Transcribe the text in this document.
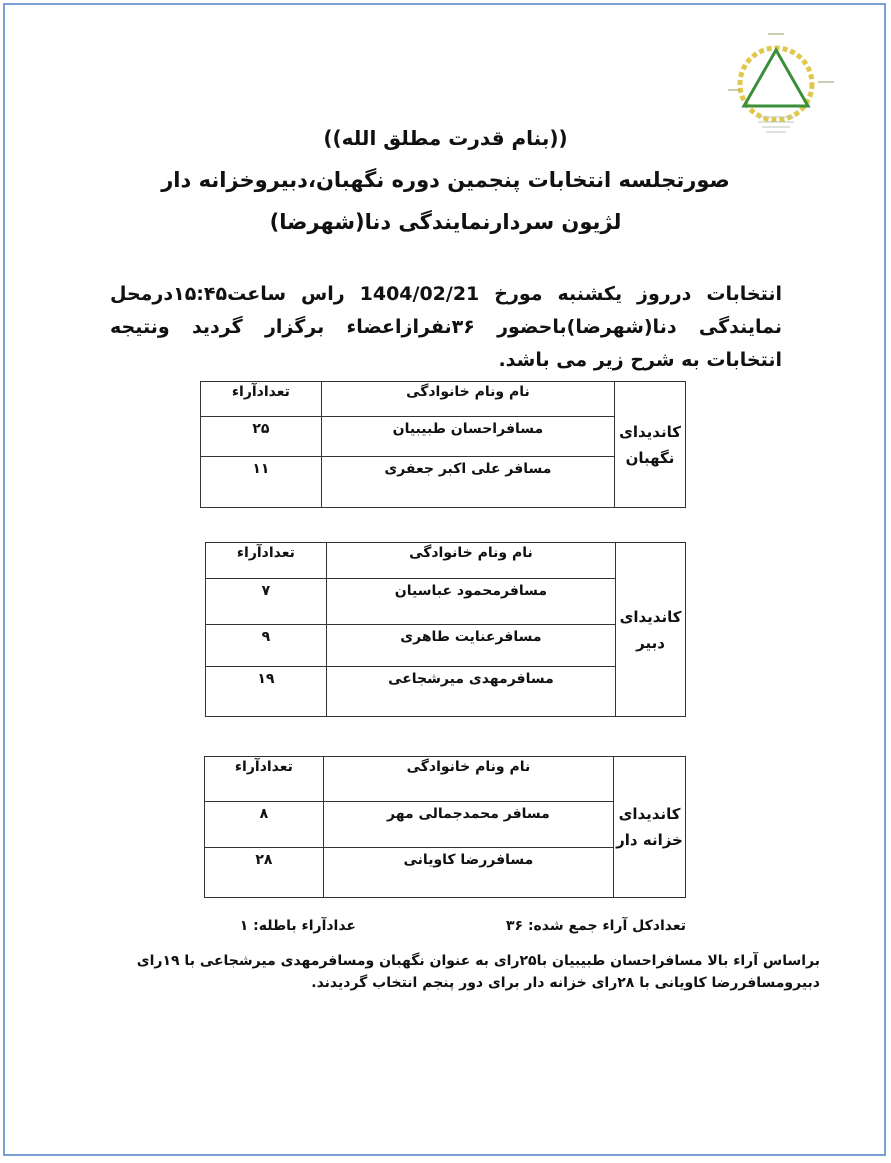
((بنام قدرت مطلق الله))
صورتجلسه انتخابات پنجمین دوره نگهبان،دبیروخزانه دار
لژیون سردارنمایندگی دنا(شهرضا)
انتخابات درروز یکشنبه مورخ 1404/02/21 راس ساعت۱۵:۴۵درمحل نمایندگی دنا(شهرضا)باحضور ۳۶نفرازاعضاء برگزار گردید ونتیجه انتخابات به شرح زیر می باشد.
کاندیدای نگهبان	نام ونام خانوادگی	تعدادآراء
	مسافراحسان طبیبیان	۲۵
	مسافر علی اکبر جعفری	۱۱
کاندیدای دبیر	نام ونام خانوادگی	تعدادآراء
	مسافرمحمود عباسیان	۷
	مسافرعنایت طاهری	۹
	مسافرمهدی میرشجاعی	۱۹
کاندیدای خزانه دار	نام ونام خانوادگی	تعدادآراء
	مسافر محمدجمالی مهر	۸
	مسافررضا کاویانی	۲۸
تعدادکل آراء جمع شده: ۳۶
عدادآراء باطله: ۱
براساس آراء بالا مسافراحسان طبیبیان با۲۵رای به عنوان نگهبان ومسافرمهدی میرشجاعی با ۱۹رای دبیرومسافررضا کاویانی با ۲۸رای خزانه دار برای دور پنجم انتخاب گردیدند.
